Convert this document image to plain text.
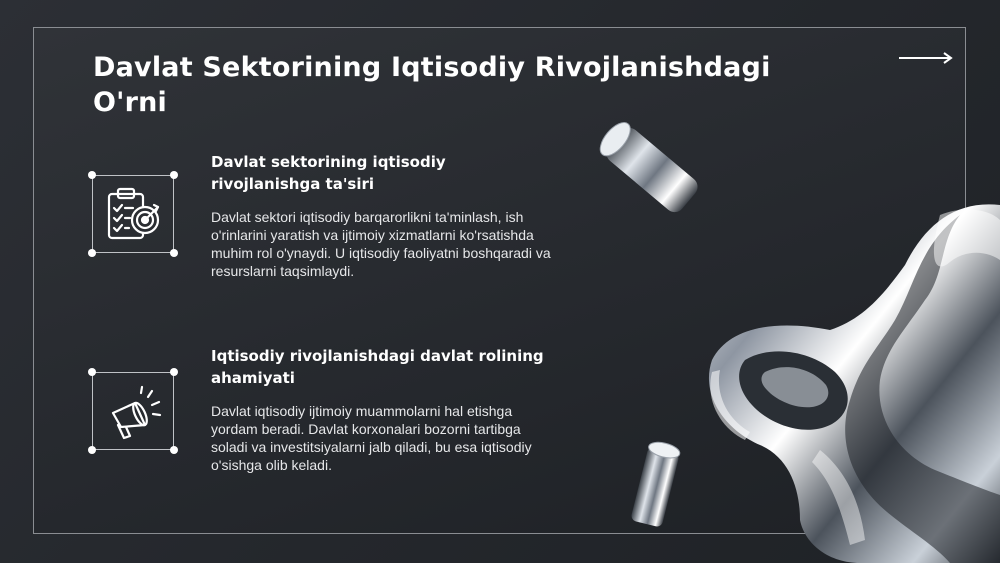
Davlat Sektorining Iqtisodiy Rivojlanishdagi O'rni
Davlat sektorining iqtisodiy rivojlanishga ta'siri

Davlat sektori iqtisodiy barqarorlikni ta'minlash, ish o'rinlarini yaratish va ijtimoiy xizmatlarni ko'rsatishda muhim rol o'ynaydi. U iqtisodiy faoliyatni boshqaradi va resurslarni taqsimlaydi.

Iqtisodiy rivojlanishdagi davlat rolining ahamiyati

Davlat iqtisodiy ijtimoiy muammolarni hal etishga yordam beradi. Davlat korxonalari bozorni tartibga soladi va investitsiyalarni jalb qiladi, bu esa iqtisodiy o'sishga olib keladi.
